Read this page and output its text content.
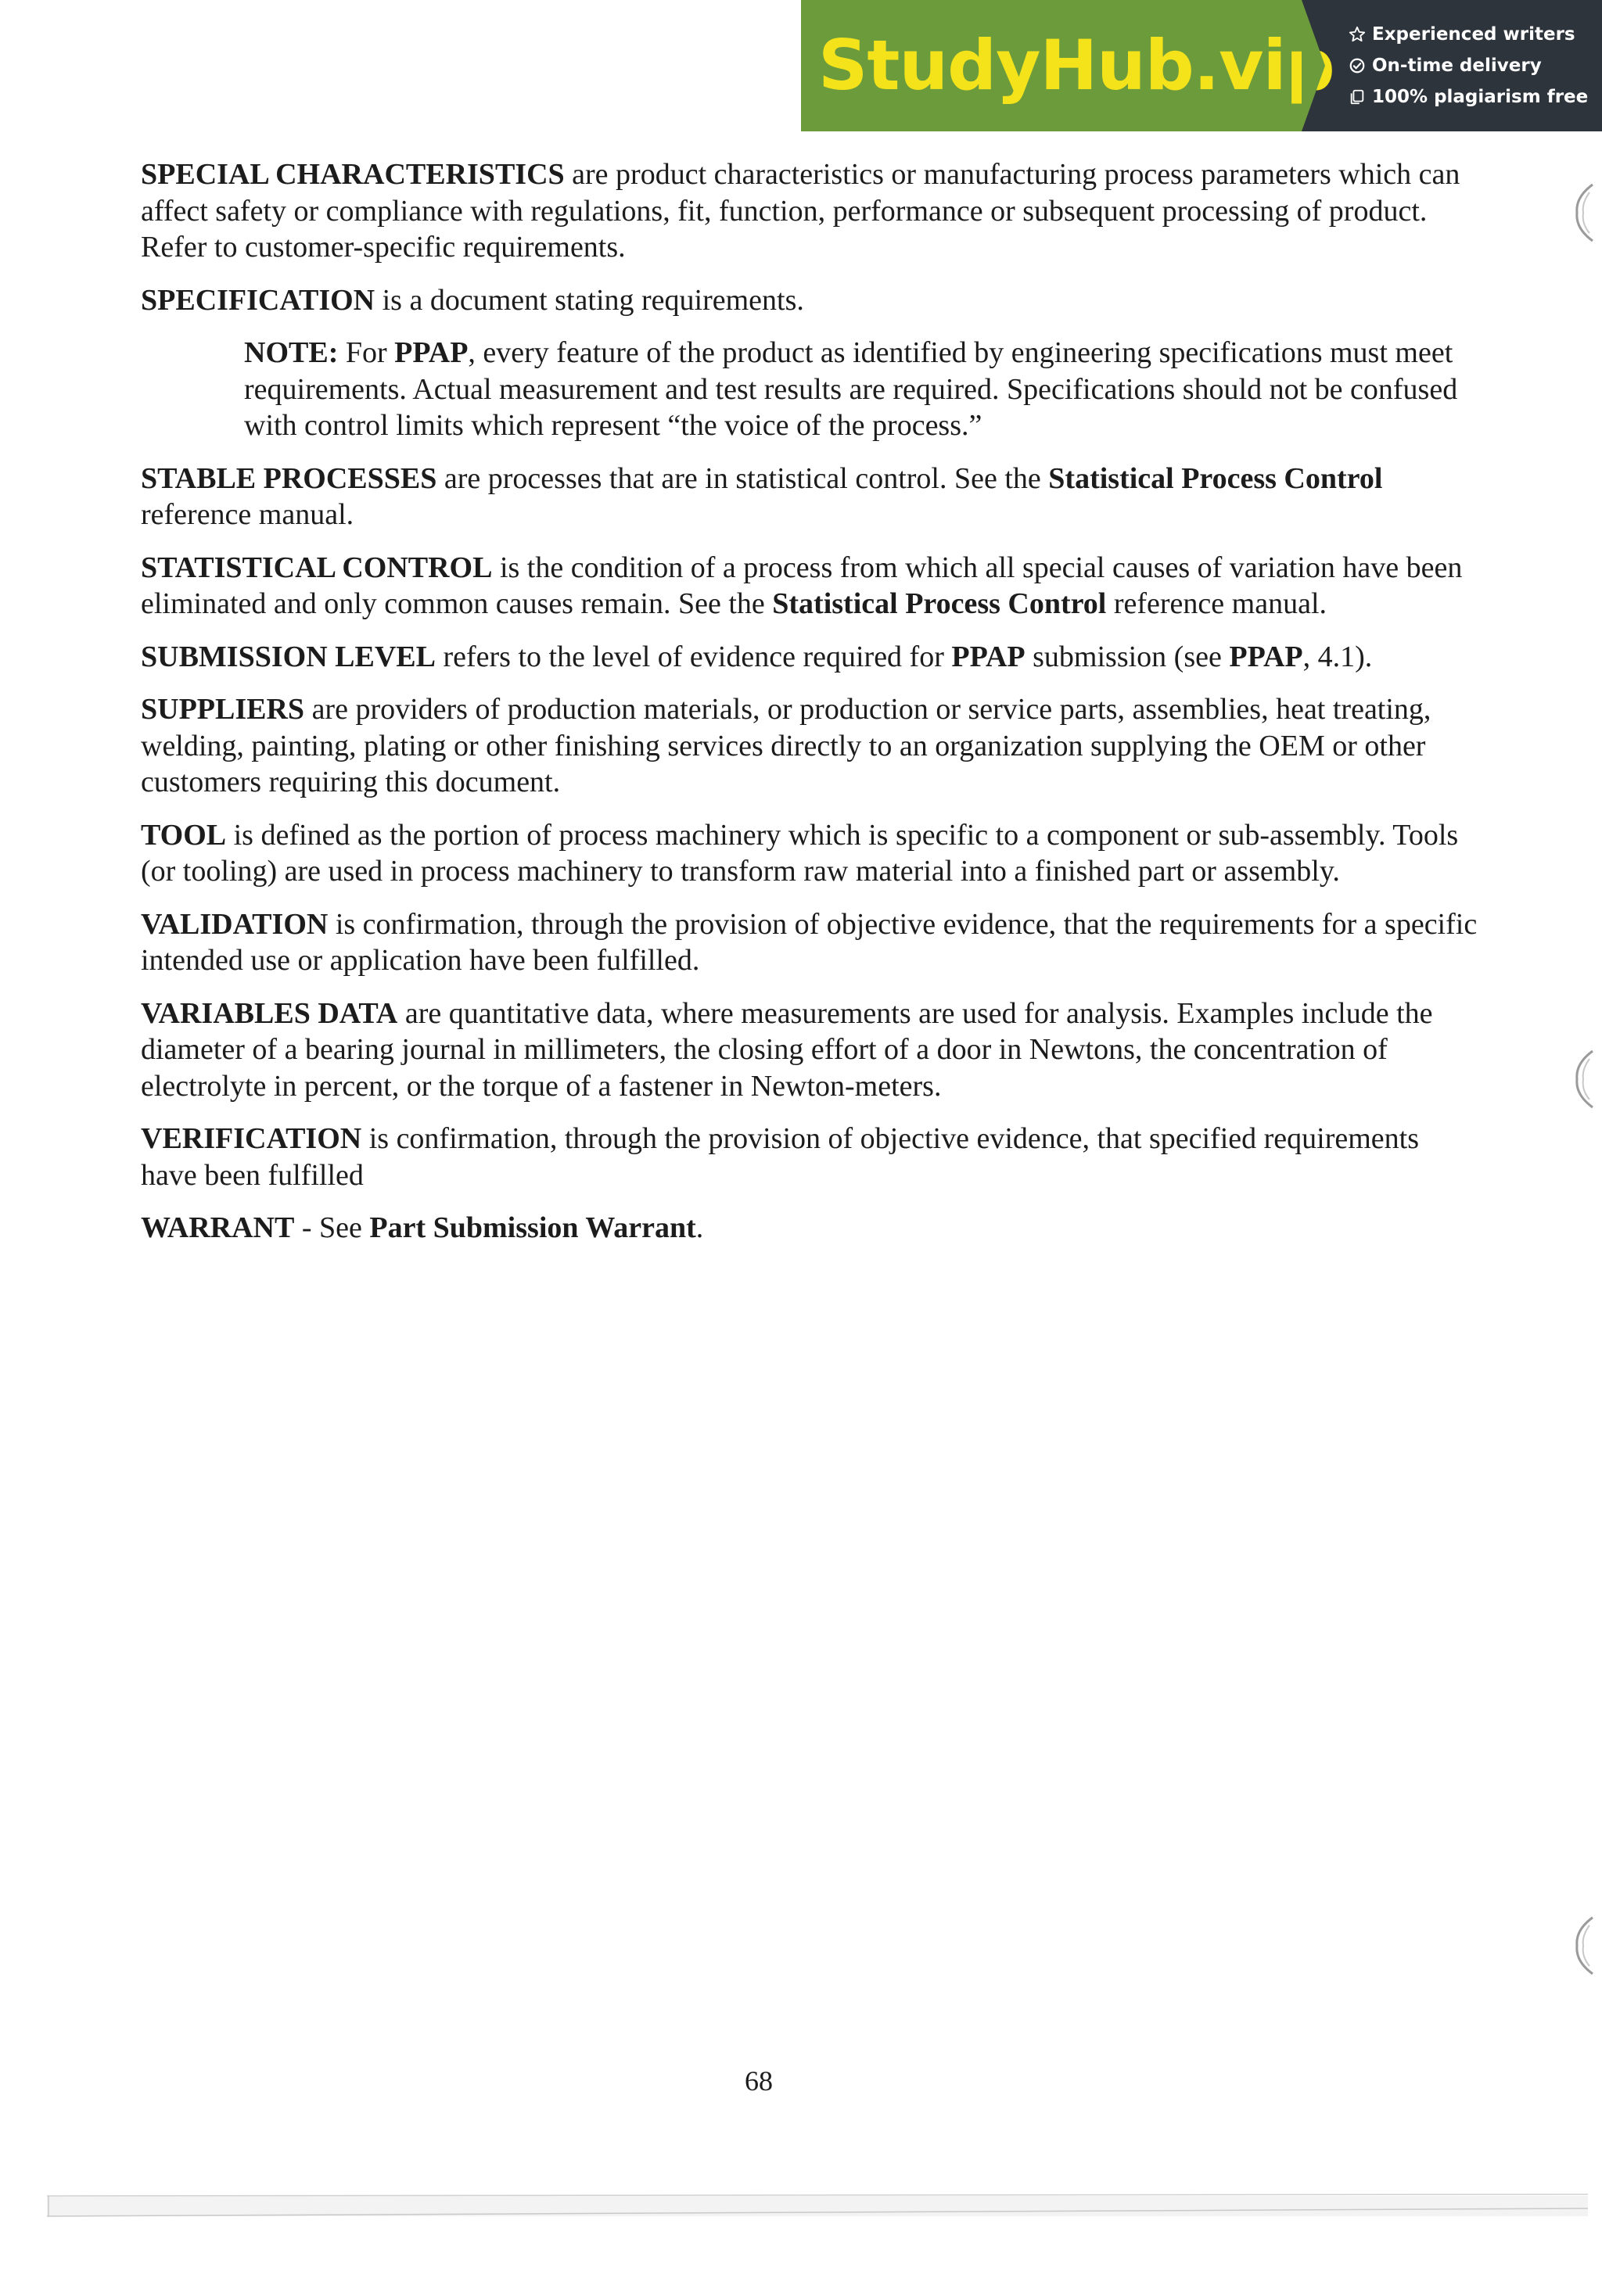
StudyHub.vip Experienced writers
On-time delivery
100% plagiarism free

SPECIAL CHARACTERISTICS are product characteristics or manufacturing process parameters which can affect safety or compliance with regulations, fit, function, performance or subsequent processing of product. Refer to customer-specific requirements.

SPECIFICATION is a document stating requirements.

NOTE: For PPAP, every feature of the product as identified by engineering specifications must meet requirements. Actual measurement and test results are required. Specifications should not be confused with control limits which represent “the voice of the process.”

STABLE PROCESSES are processes that are in statistical control. See the Statistical Process Control reference manual.

STATISTICAL CONTROL is the condition of a process from which all special causes of variation have been eliminated and only common causes remain. See the Statistical Process Control reference manual.

SUBMISSION LEVEL refers to the level of evidence required for PPAP submission (see PPAP, 4.1).

SUPPLIERS are providers of production materials, or production or service parts, assemblies, heat treating, welding, painting, plating or other finishing services directly to an organization supplying the OEM or other customers requiring this document.

TOOL is defined as the portion of process machinery which is specific to a component or sub-assembly. Tools (or tooling) are used in process machinery to transform raw material into a finished part or assembly.

VALIDATION is confirmation, through the provision of objective evidence, that the requirements for a specific intended use or application have been fulfilled.

VARIABLES DATA are quantitative data, where measurements are used for analysis. Examples include the diameter of a bearing journal in millimeters, the closing effort of a door in Newtons, the concentration of electrolyte in percent, or the torque of a fastener in Newton-meters.

VERIFICATION is confirmation, through the provision of objective evidence, that specified requirements have been fulfilled

WARRANT - See Part Submission Warrant.

68
